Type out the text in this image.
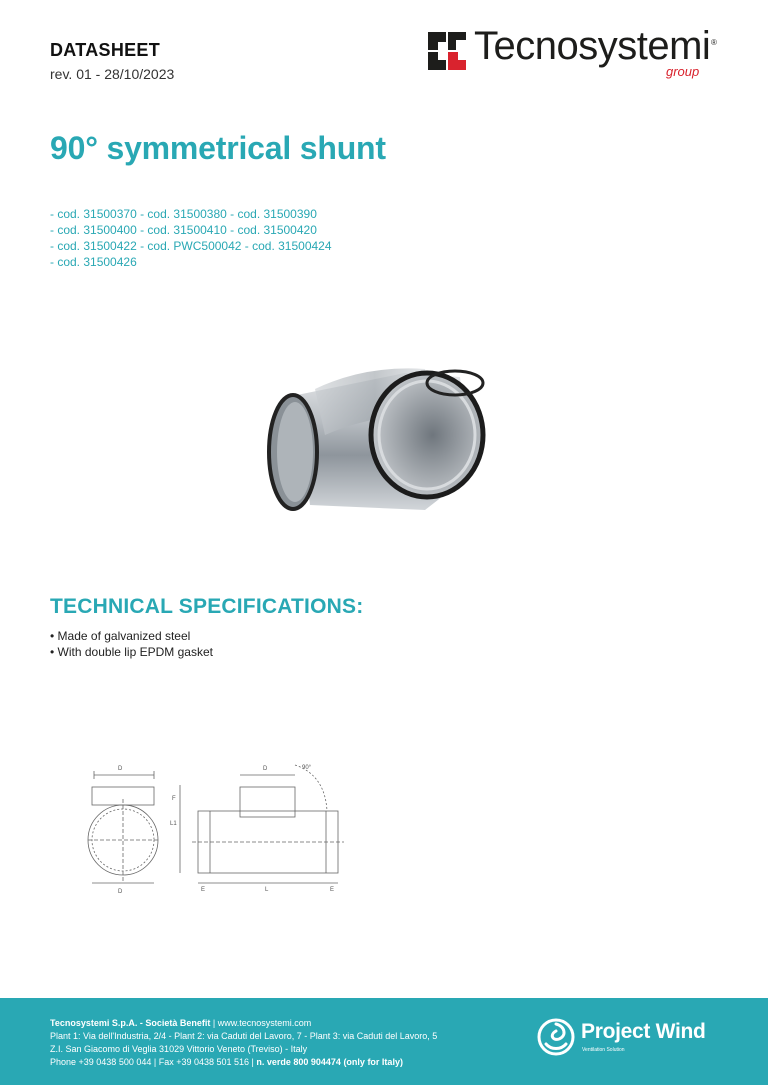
DATASHEET
rev. 01 - 28/10/2023
Tecnosystemi ®
group
90° symmetrical shunt
- cod. 31500370 - cod. 31500380 - cod. 31500390
- cod. 31500400 - cod. 31500410 - cod. 31500420
- cod. 31500422 - cod. PWC500042 - cod. 31500424
- cod. 31500426
TECHNICAL SPECIFICATIONS:
• Made of galvanized steel
• With double lip EPDM gasket
D
D
D	90°
F
L1
E	L	E
Tecnosystemi S.p.A. - Società Benefit | www.tecnosystemi.com
Plant 1: Via dell'Industria, 2/4 - Plant 2: via Caduti del Lavoro, 7 - Plant 3: via Caduti del Lavoro, 5
Z.I. San Giacomo di Veglia 31029 Vittorio Veneto (Treviso) - Italy
Phone +39 0438 500 044 | Fax +39 0438 501 516 | n. verde 800 904474 (only for Italy)
Project Wind
Ventilation Solution
